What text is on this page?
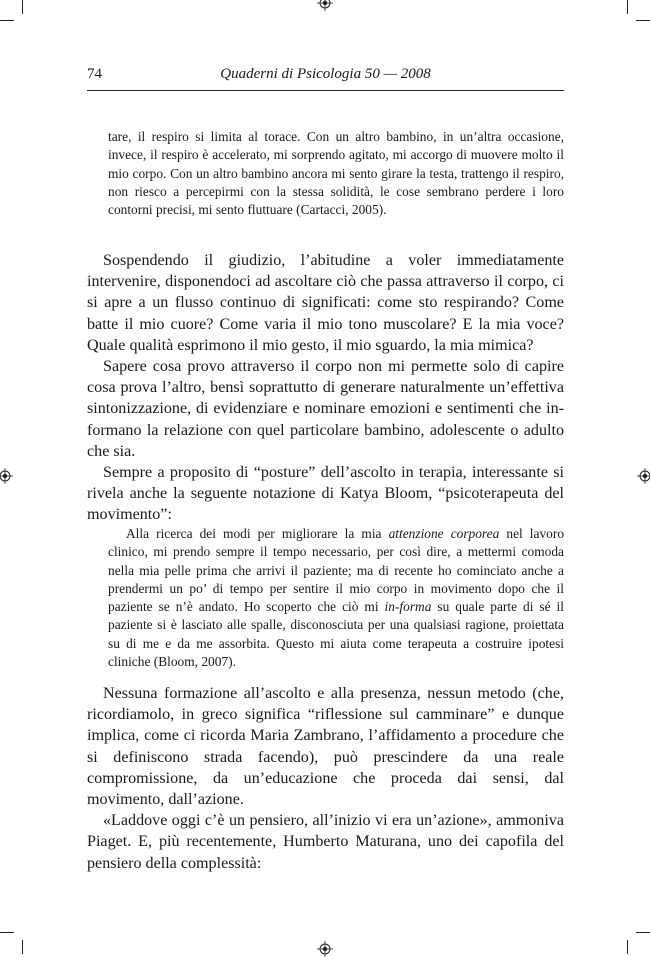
74	Quaderni di Psicologia 50 — 2008

tare, il respiro si limita al torace. Con un altro bambino, in un’altra occasione, invece, il respiro è accelerato, mi sorprendo agitato, mi accorgo di muovere molto il mio corpo. Con un altro bambino ancora mi sento girare la testa, trattengo il respiro, non riesco a percepirmi con la stessa solidità, le cose sembrano perdere i loro contorni precisi, mi sento fluttuare (Cartacci, 2005).

Sospendendo il giudizio, l’abitudine a voler immediatamente intervenire, disponendoci ad ascoltare ciò che passa attraverso il corpo, ci si apre a un flusso continuo di significati: come sto respirando? Come batte il mio cuore? Come varia il mio tono muscolare? E la mia voce? Quale qualità esprimono il mio gesto, il mio sguardo, la mia mimica?

Sapere cosa provo attraverso il corpo non mi permette solo di capire cosa prova l’altro, bensì soprattutto di generare naturalmente un’effettiva sintonizzazione, di evidenziare e nominare emozioni e sentimenti che in-formano la relazione con quel particolare bambino, adolescente o adulto che sia.

Sempre a proposito di “posture” dell’ascolto in terapia, interessante si rivela anche la seguente notazione di Katya Bloom, “psicoterapeuta del movimento”:

Alla ricerca dei modi per migliorare la mia attenzione corporea nel lavoro clinico, mi prendo sempre il tempo necessario, per così dire, a mettermi comoda nella mia pelle prima che arrivi il paziente; ma di recente ho cominciato anche a prendermi un po’ di tempo per sentire il mio corpo in movimento dopo che il paziente se n’è andato. Ho scoperto che ciò mi in-forma su quale parte di sé il paziente si è lasciato alle spalle, disconosciuta per una qualsiasi ragione, proiettata su di me e da me assorbita. Questo mi aiuta come terapeuta a costruire ipotesi cliniche (Bloom, 2007).

Nessuna formazione all’ascolto e alla presenza, nessun metodo (che, ricordiamolo, in greco significa “riflessione sul camminare” e dunque implica, come ci ricorda Maria Zambrano, l’affidamento a procedure che si definiscono strada facendo), può prescindere da una reale compromissione, da un’educazione che proceda dai sensi, dal movimento, dall’azione.

«Laddove oggi c’è un pensiero, all’inizio vi era un’azione», ammoniva Piaget. E, più recentemente, Humberto Maturana, uno dei capofila del pensiero della complessità:
